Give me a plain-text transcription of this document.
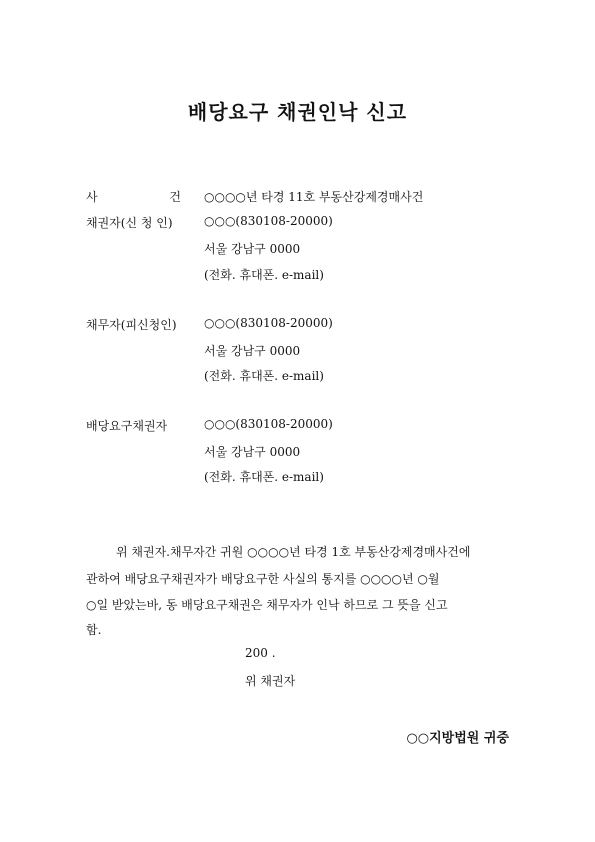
배당요구 채권인낙 신고
사	건 ○○○○년 타경 11호 부동산강제경매사건
채권자(신 청 인)	○○○(830108-20000)
서울 강남구 0000
(전화. 휴대폰. e-mail)
채무자(피신청인) ○○○(830108-20000)
서울 강남구 0000
(전화. 휴대폰. e-mail)
배당요구채권자	○○○(830108-20000)
서울 강남구 0000
(전화. 휴대폰. e-mail)
위 채권자.채무자간 귀원 ○○○○년 타경 1호 부동산강제경매사건에
관하여 배당요구채권자가 배당요구한 사실의 통지를 ○○○○년 ○월
○일 받았는바, 동 배당요구채권은 채무자가 인낙 하므로 그 뜻을 신고
함.
200 .
위 채권자
○○지방법원 귀중
